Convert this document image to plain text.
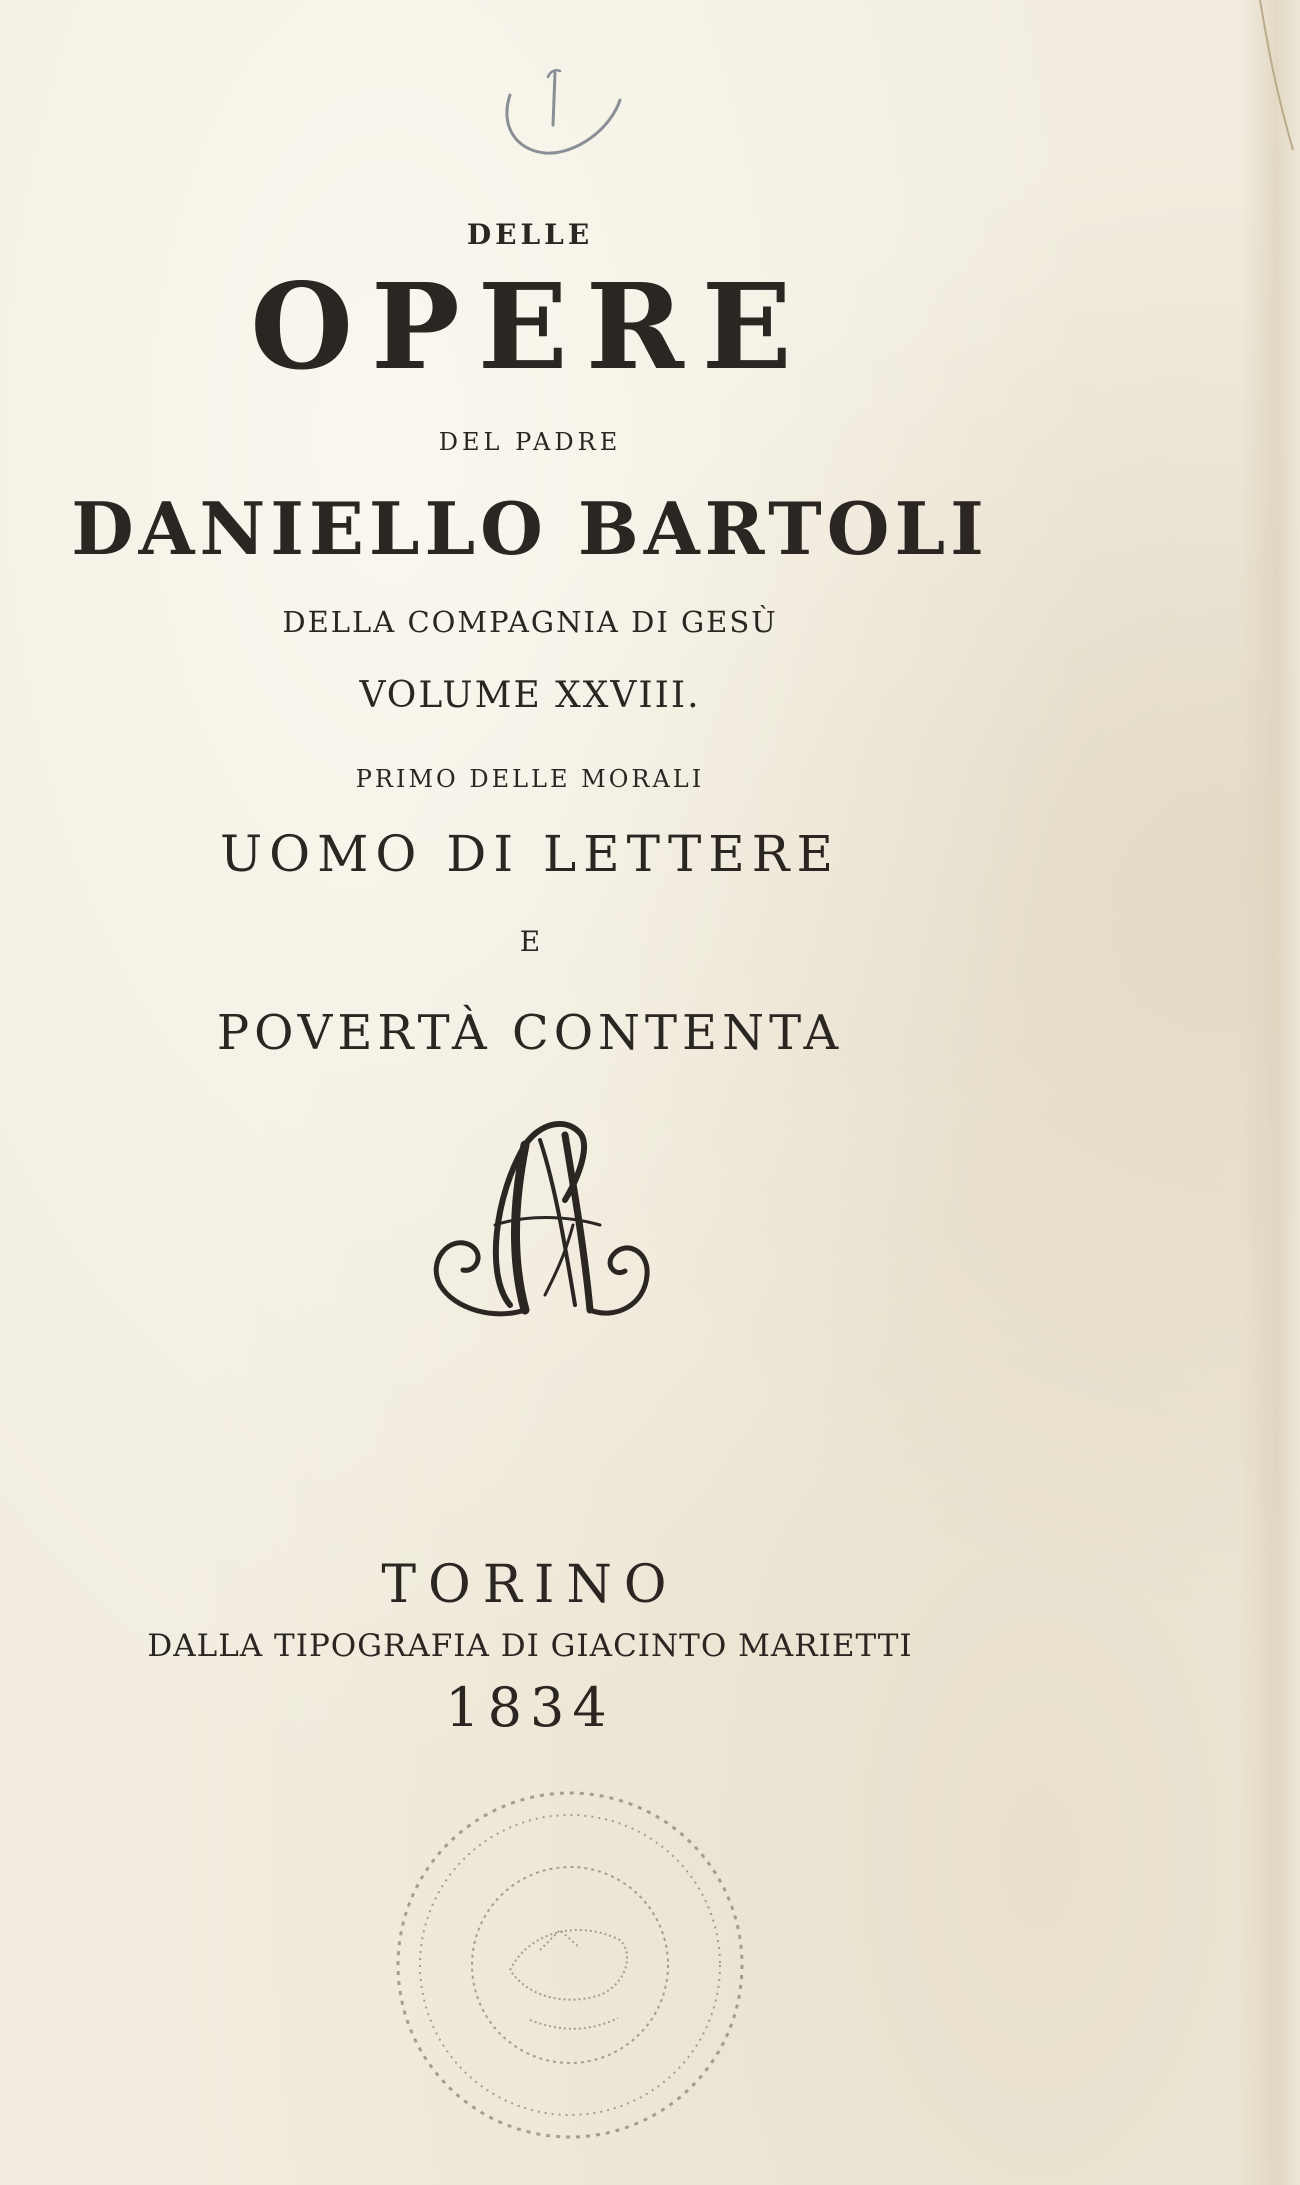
DELLE

OPERE

DEL PADRE

DANIELLO BARTOLI

DELLA COMPAGNIA DI GESÙ

VOLUME XXVIII.

PRIMO DELLE MORALI

UOMO DI LETTERE

E

POVERTÀ CONTENTA

TORINO

DALLA TIPOGRAFIA DI GIACINTO MARIETTI

1834
